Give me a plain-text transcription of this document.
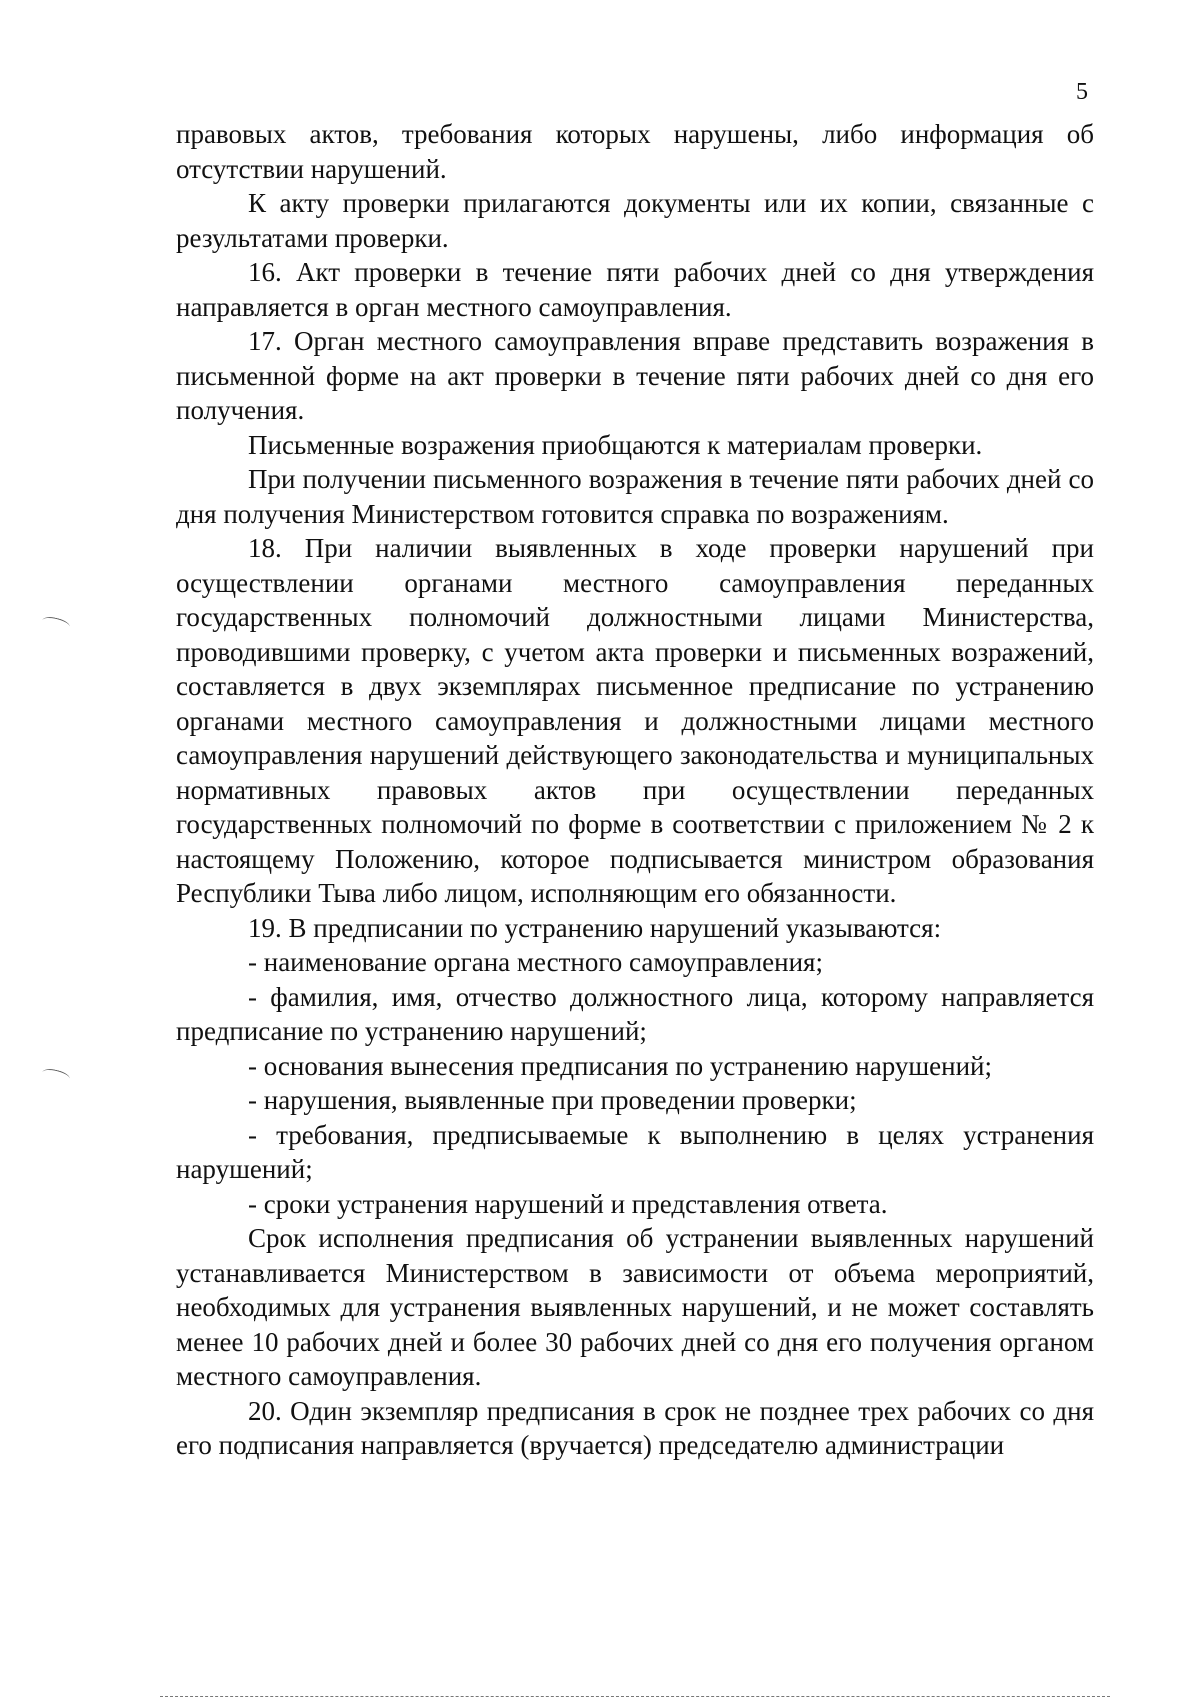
5

правовых актов, требования которых нарушены, либо информация об отсутствии нарушений.

К акту проверки прилагаются документы или их копии, связанные с результатами проверки.

16. Акт проверки в течение пяти рабочих дней со дня утверждения направляется в орган местного самоуправления.

17. Орган местного самоуправления вправе представить возражения в письменной форме на акт проверки в течение пяти рабочих дней со дня его получения.

Письменные возражения приобщаются к материалам проверки.

При получении письменного возражения в течение пяти рабочих дней со дня получения Министерством готовится справка по возражениям.

18. При наличии выявленных в ходе проверки нарушений при осуществлении органами местного самоуправления переданных государственных полномочий должностными лицами Министерства, проводившими проверку, с учетом акта проверки и письменных возражений, составляется в двух экземплярах письменное предписание по устранению органами местного самоуправления и должностными лицами местного самоуправления нарушений действующего законодательства и муниципальных нормативных правовых актов при осуществлении переданных государственных полномочий по форме в соответствии с приложением № 2 к настоящему Положению, которое подписывается министром образования Республики Тыва либо лицом, исполняющим его обязанности.

19. В предписании по устранению нарушений указываются:

- наименование органа местного самоуправления;

- фамилия, имя, отчество должностного лица, которому направляется предписание по устранению нарушений;

- основания вынесения предписания по устранению нарушений;

- нарушения, выявленные при проведении проверки;

- требования, предписываемые к выполнению в целях устранения нарушений;

- сроки устранения нарушений и представления ответа.

Срок исполнения предписания об устранении выявленных нарушений устанавливается Министерством в зависимости от объема мероприятий, необходимых для устранения выявленных нарушений, и не может составлять менее 10 рабочих дней и более 30 рабочих дней со дня его получения органом местного самоуправления.

20. Один экземпляр предписания в срок не позднее трех рабочих со дня его подписания направляется (вручается) председателю администрации
